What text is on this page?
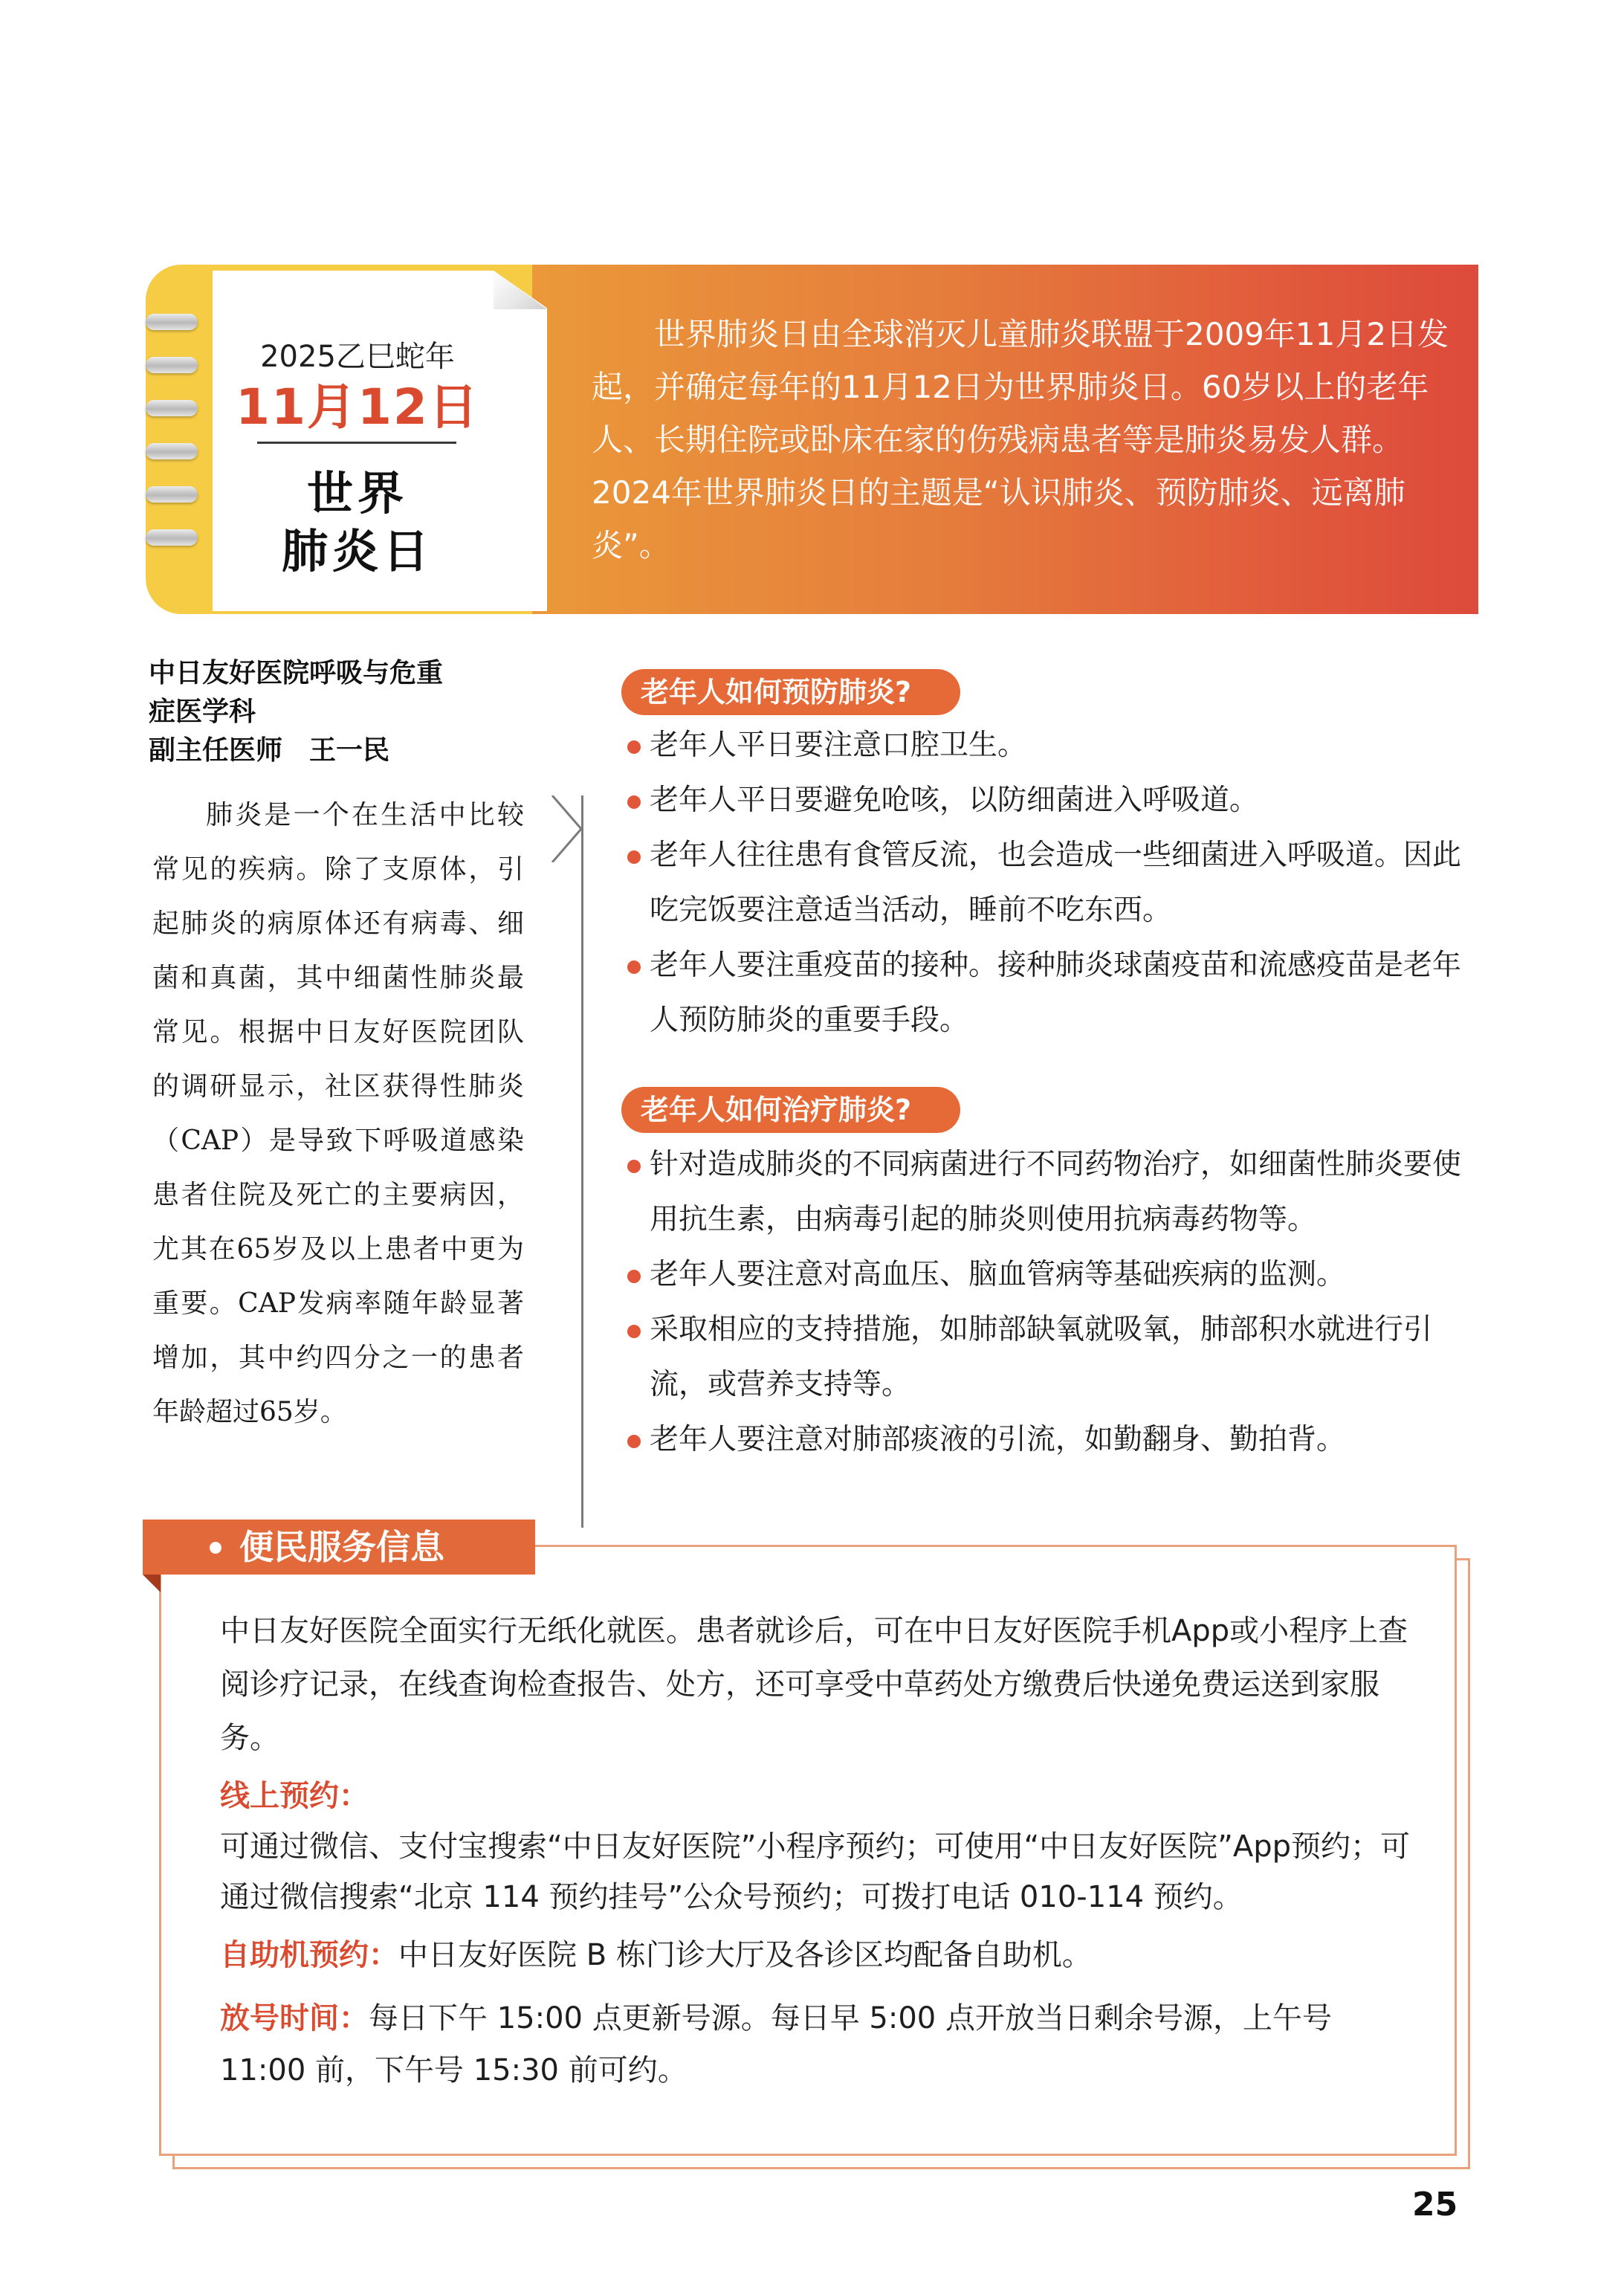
2025乙巳蛇年
11月12日
世界
肺炎日

世界肺炎日由全球消灭儿童肺炎联盟于2009年11月2日发起，并确定每年的11月12日为世界肺炎日。60岁以上的老年人、长期住院或卧床在家的伤残病患者等是肺炎易发人群。2024年世界肺炎日的主题是“认识肺炎、预防肺炎、远离肺炎”。

中日友好医院呼吸与危重
症医学科
副主任医师　王一民

肺炎是一个在生活中比较常见的疾病。除了支原体，引起肺炎的病原体还有病毒、细菌和真菌，其中细菌性肺炎最常见。根据中日友好医院团队的调研显示，社区获得性肺炎（CAP）是导致下呼吸道感染患者住院及死亡的主要病因，尤其在65岁及以上患者中更为重要。CAP发病率随年龄显著增加，其中约四分之一的患者年龄超过65岁。

老年人如何预防肺炎?
老年人平日要注意口腔卫生。
老年人平日要避免呛咳，以防细菌进入呼吸道。
老年人往往患有食管反流，也会造成一些细菌进入呼吸道。因此吃完饭要注意适当活动，睡前不吃东西。
老年人要注重疫苗的接种。接种肺炎球菌疫苗和流感疫苗是老年人预防肺炎的重要手段。
老年人如何治疗肺炎?
针对造成肺炎的不同病菌进行不同药物治疗，如细菌性肺炎要使用抗生素，由病毒引起的肺炎则使用抗病毒药物等。
老年人要注意对高血压、脑血管病等基础疾病的监测。
采取相应的支持措施，如肺部缺氧就吸氧，肺部积水就进行引流，或营养支持等。
老年人要注意对肺部痰液的引流，如勤翻身、勤拍背。
便民服务信息

中日友好医院全面实行无纸化就医。患者就诊后，可在中日友好医院手机App或小程序上查阅诊疗记录，在线查询检查报告、处方，还可享受中草药处方缴费后快递免费运送到家服务。

线上预约：

可通过微信、支付宝搜索“中日友好医院”小程序预约；可使用“中日友好医院”App预约；可通过微信搜索“北京 114 预约挂号”公众号预约；可拨打电话 010-114 预约。

自助机预约：中日友好医院 B 栋门诊大厅及各诊区均配备自助机。
放号时间：每日下午 15:00 点更新号源。每日早 5:00 点开放当日剩余号源，上午号11:00 前，下午号 15:30 前可约。
25
